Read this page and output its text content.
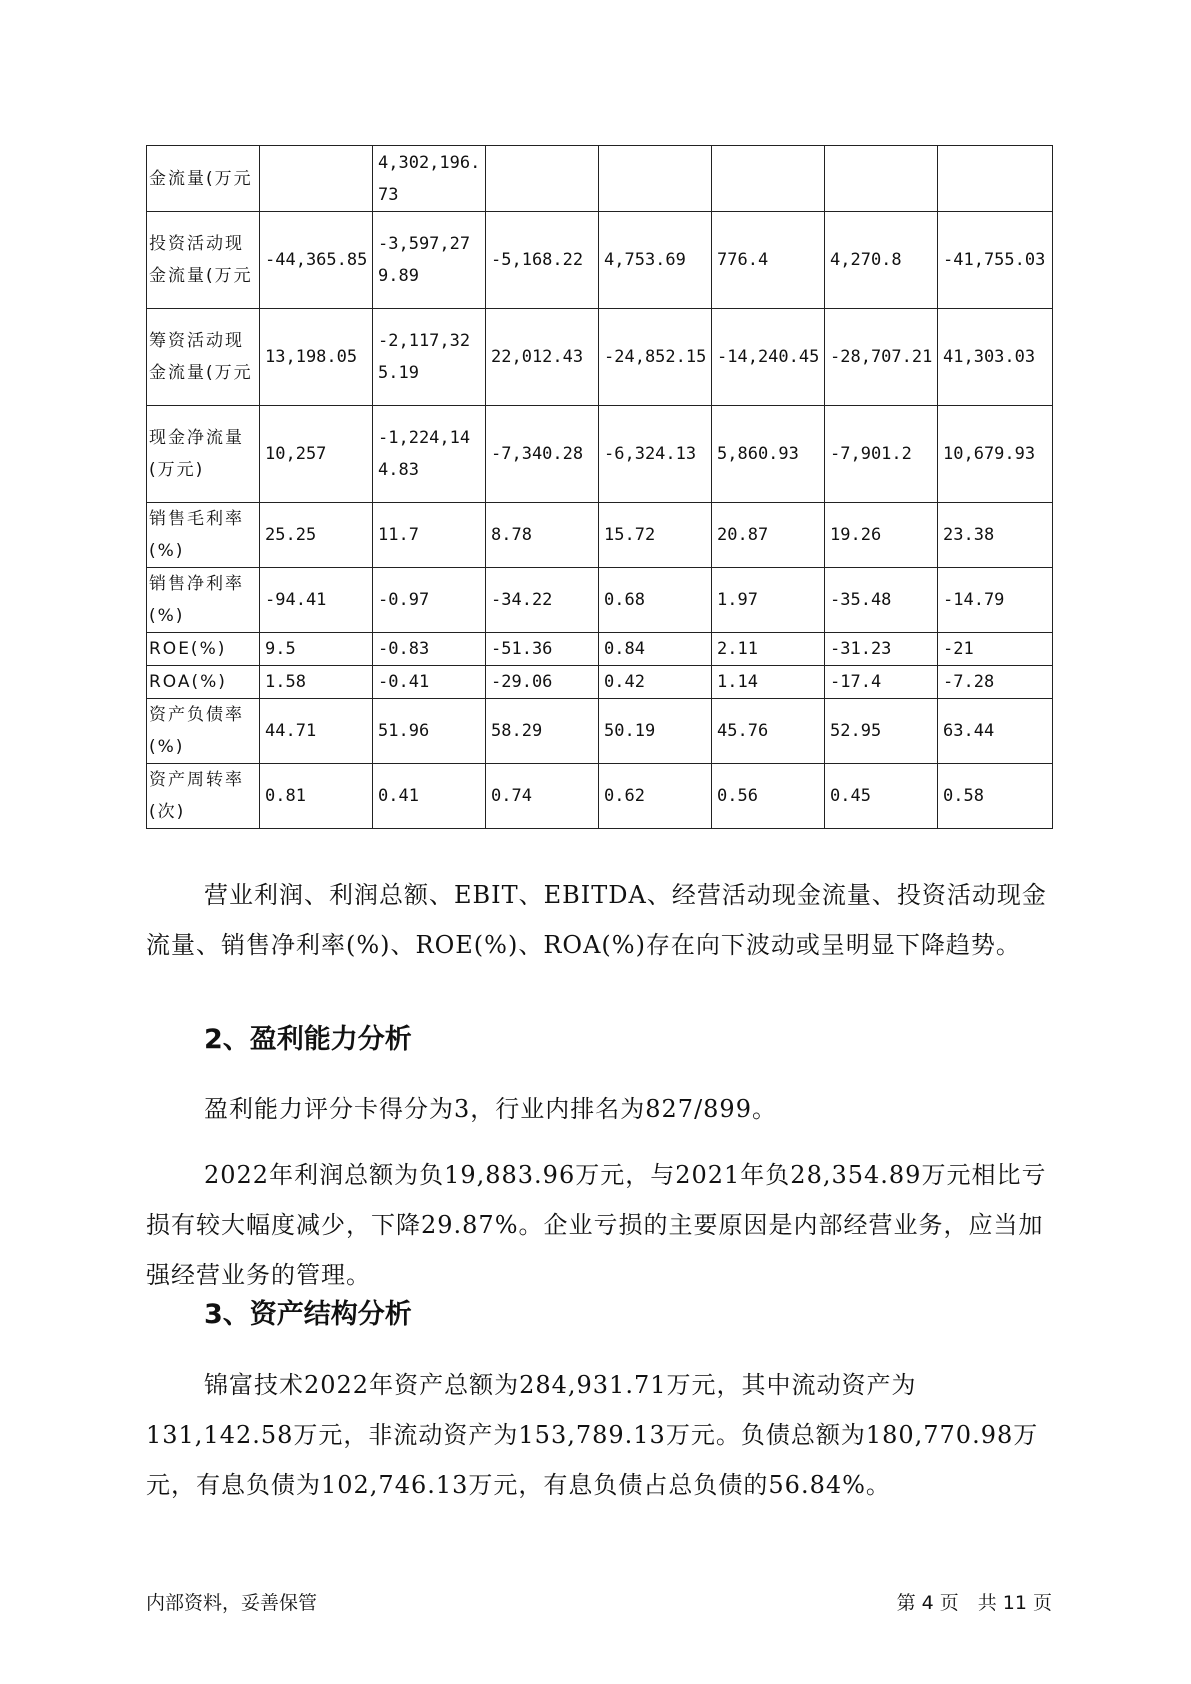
金流量(万元		4,302,196.73					
投资活动现金流量(万元	-44,365.85	-3,597,279.89	-5,168.22	4,753.69	776.4	4,270.8	-41,755.03
筹资活动现金流量(万元	13,198.05	-2,117,325.19	22,012.43	-24,852.15	-14,240.45	-28,707.21	41,303.03
现金净流量(万元)	10,257	-1,224,144.83	-7,340.28	-6,324.13	5,860.93	-7,901.2	10,679.93
销售毛利率(%)	25.25	11.7	8.78	15.72	20.87	19.26	23.38
销售净利率(%)	-94.41	-0.97	-34.22	0.68	1.97	-35.48	-14.79
ROE(%)	9.5	-0.83	-51.36	0.84	2.11	-31.23	-21
ROA(%)	1.58	-0.41	-29.06	0.42	1.14	-17.4	-7.28
资产负债率(%)	44.71	51.96	58.29	50.19	45.76	52.95	63.44
资产周转率(次)	0.81	0.41	0.74	0.62	0.56	0.45	0.58

营业利润、利润总额、EBIT、EBITDA、经营活动现金流量、投资活动现金流量、销售净利率(%)、ROE(%)、ROA(%)存在向下波动或呈明显下降趋势。

2、盈利能力分析

盈利能力评分卡得分为3，行业内排名为827/899。

2022年利润总额为负19,883.96万元，与2021年负28,354.89万元相比亏损有较大幅度减少，下降29.87%。企业亏损的主要原因是内部经营业务，应当加强经营业务的管理。

3、资产结构分析

锦富技术2022年资产总额为284,931.71万元，其中流动资产为131,142.58万元，非流动资产为153,789.13万元。负债总额为180,770.98万元，有息负债为102,746.13万元，有息负债占总负债的56.84%。

内部资料，妥善保管	第 4 页　共 11 页
